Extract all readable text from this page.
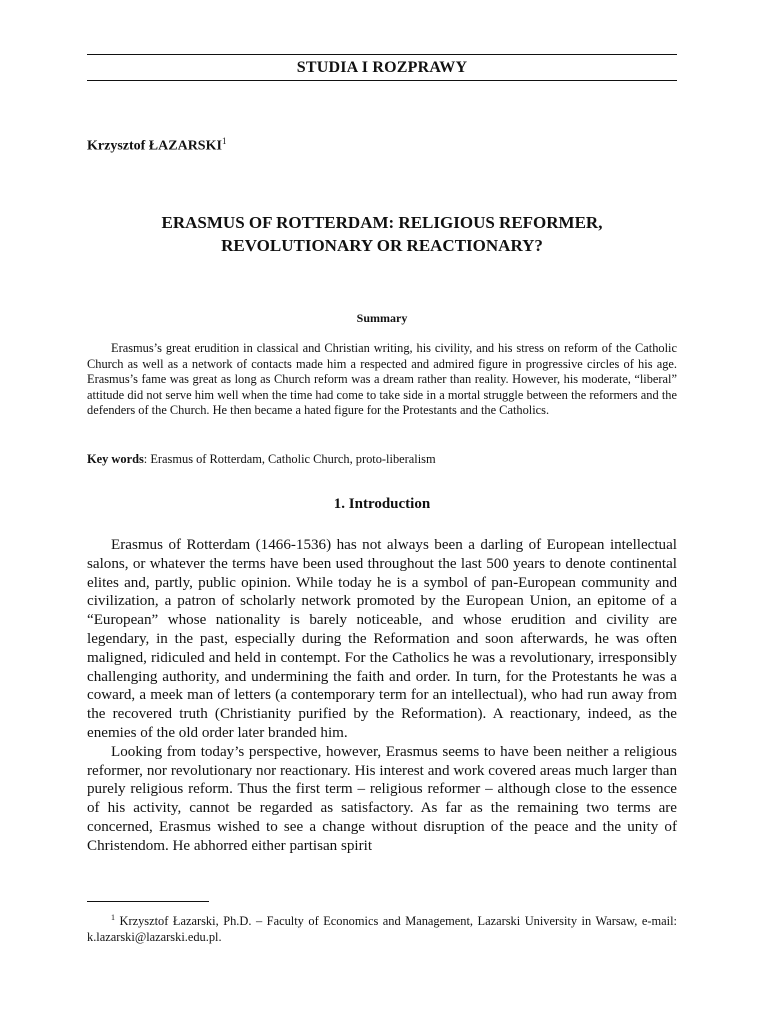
STUDIA I ROZPRAWY
Krzysztof ŁAZARSKI$^1$
ERASMUS OF ROTTERDAM: RELIGIOUS REFORMER,
REVOLUTIONARY OR REACTIONARY?
Summary

Erasmus’s great erudition in classical and Christian writing, his civility, and his stress on reform of the Catholic Church as well as a network of contacts made him a respected and admired figure in progressive circles of his age. Erasmus’s fame was great as long as Church reform was a dream rather than reality. However, his moderate, “liberal” attitude did not serve him well when the time had come to take side in a mortal struggle between the reformers and the defenders of the Church. He then became a hated figure for the Protestants and the Catholics.

Key words: Erasmus of Rotterdam, Catholic Church, proto-liberalism

1. Introduction

Erasmus of Rotterdam (1466-1536) has not always been a darling of European intellectual salons, or whatever the terms have been used throughout the last 500 years to denote continental elites and, partly, public opinion. While today he is a symbol of pan-European community and civilization, a patron of scholarly network promoted by the European Union, an epitome of a “European” whose nationality is barely noticeable, and whose erudition and civility are legendary, in the past, especially during the Reformation and soon afterwards, he was often maligned, ridiculed and held in contempt. For the Catholics he was a revolutionary, irresponsibly challenging authority, and undermining the faith and order. In turn, for the Protestants he was a coward, a meek man of letters (a contemporary term for an intellectual), who had run away from the recovered truth (Christianity purified by the Reformation). A reactionary, indeed, as the enemies of the old order later branded him.

Looking from today’s perspective, however, Erasmus seems to have been neither a religious reformer, nor revolutionary nor reactionary. His interest and work covered areas much larger than purely religious reform. Thus the first term – religious reformer – although close to the essence of his activity, cannot be regarded as satisfactory. As far as the remaining two terms are concerned, Erasmus wished to see a change without disruption of the peace and the unity of Christendom. He abhorred either partisan spirit

$^1$ Krzysztof Łazarski, Ph.D. – Faculty of Economics and Management, Lazarski University in Warsaw, e-mail: k.lazarski@lazarski.edu.pl.
